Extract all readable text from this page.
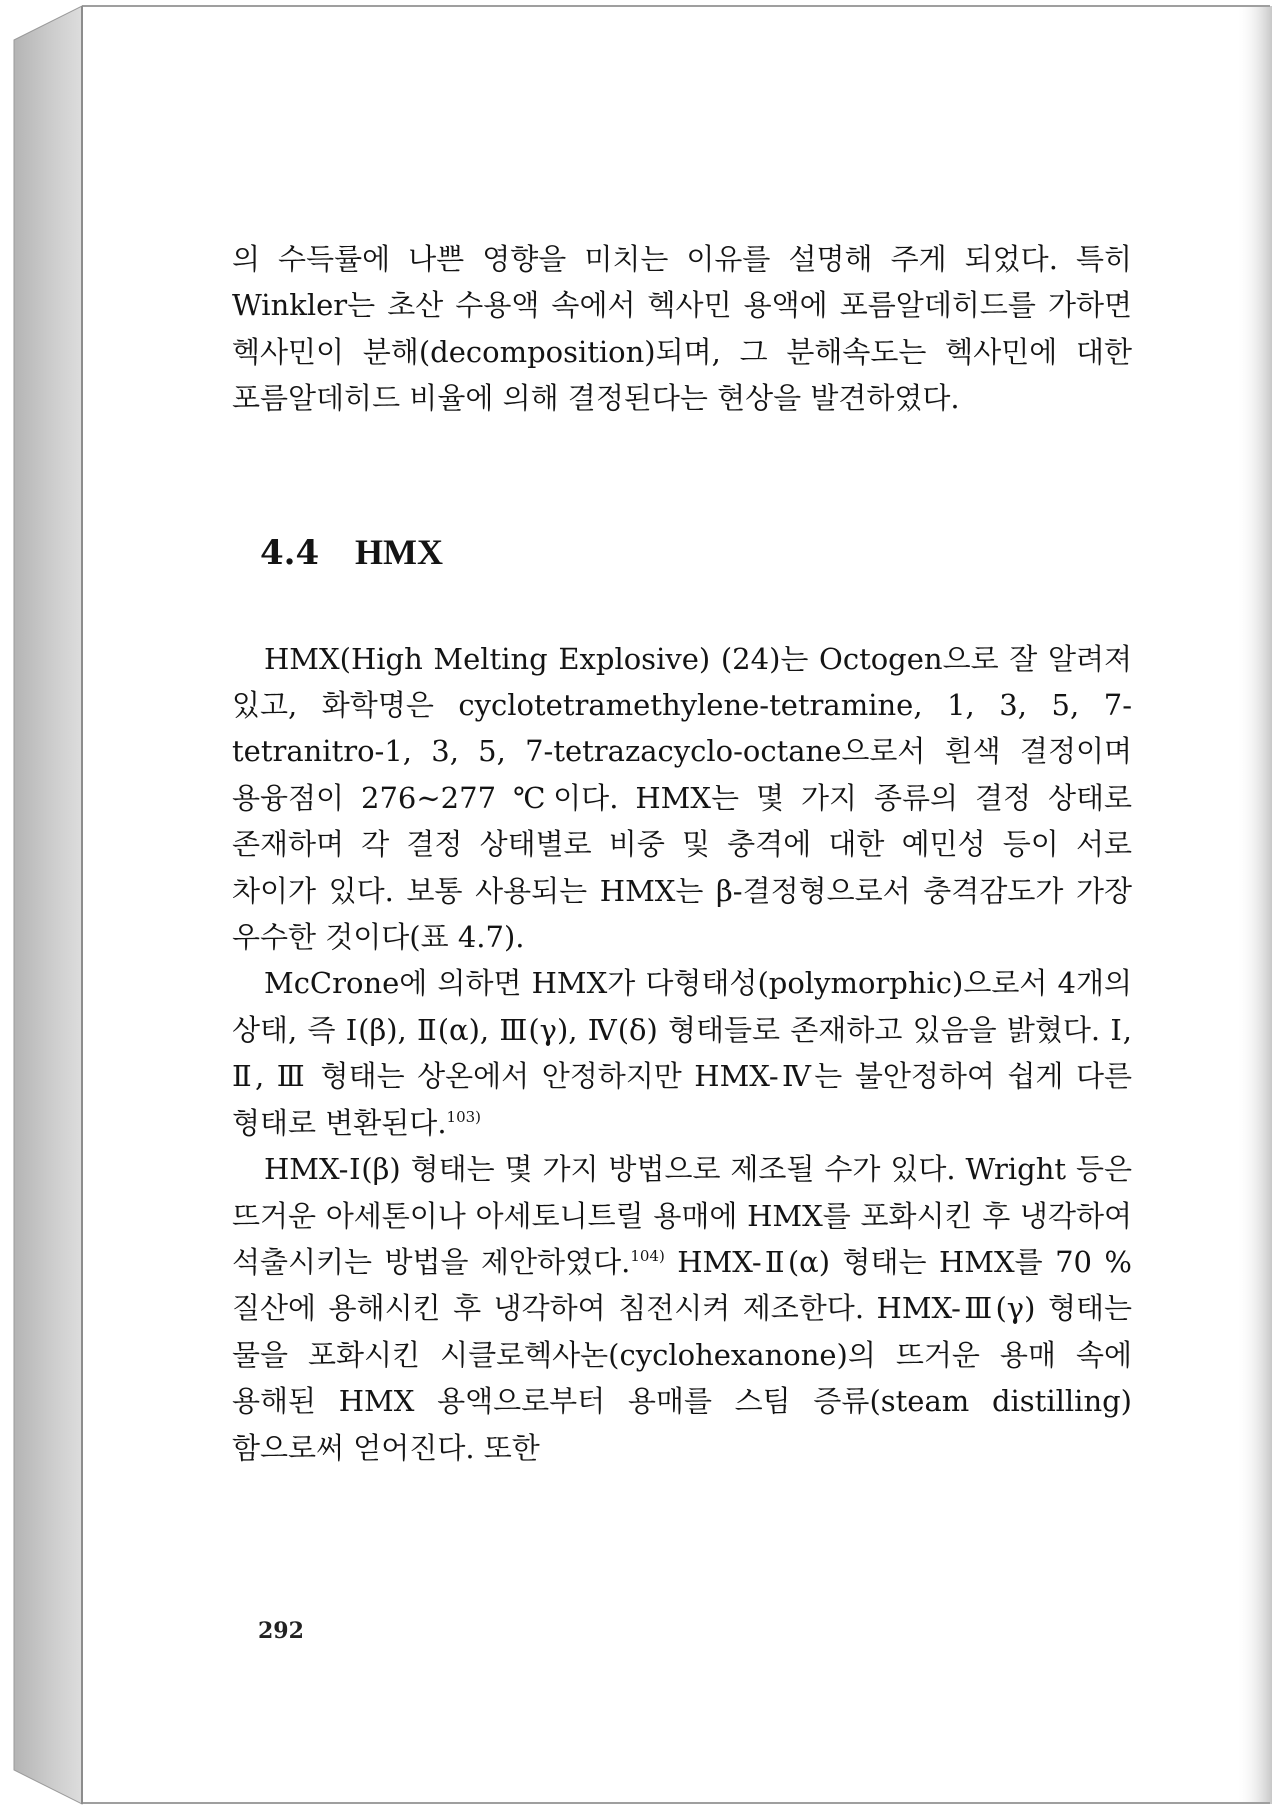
의 수득률에 나쁜 영향을 미치는 이유를 설명해 주게 되었다. 특히 Winkler는 초산 수용액 속에서 헥사민 용액에 포름알데히드를 가하면 헥사민이 분해(decomposition)되며, 그 분해속도는 헥사민에 대한 포름알데히드 비율에 의해 결정된다는 현상을 발견하였다.

4.4 HMX

HMX(High Melting Explosive) (24)는 Octogen으로 잘 알려져 있고, 화학명은 cyclotetramethylene-tetramine, 1, 3, 5, 7-tetranitro-1, 3, 5, 7-tetrazacyclo-octane으로서 흰색 결정이며 용융점이 276∼277 ℃이다. HMX는 몇 가지 종류의 결정 상태로 존재하며 각 결정 상태별로 비중 및 충격에 대한 예민성 등이 서로 차이가 있다. 보통 사용되는 HMX는 β-결정형으로서 충격감도가 가장 우수한 것이다(표 4.7).

McCrone에 의하면 HMX가 다형태성(polymorphic)으로서 4개의 상태, 즉 Ⅰ(β), Ⅱ(α), Ⅲ(γ), Ⅳ(δ) 형태들로 존재하고 있음을 밝혔다. Ⅰ, Ⅱ, Ⅲ 형태는 상온에서 안정하지만 HMX-Ⅳ는 불안정하여 쉽게 다른 형태로 변환된다.$^{103)}$

HMX-Ⅰ(β) 형태는 몇 가지 방법으로 제조될 수가 있다. Wright 등은 뜨거운 아세톤이나 아세토니트릴 용매에 HMX를 포화시킨 후 냉각하여 석출시키는 방법을 제안하였다.$^{104)}$ HMX-Ⅱ(α) 형태는 HMX를 70 % 질산에 용해시킨 후 냉각하여 침전시켜 제조한다. HMX-Ⅲ(γ) 형태는 물을 포화시킨 시클로헥사논(cyclohexanone)의 뜨거운 용매 속에 용해된 HMX 용액으로부터 용매를 스팀 증류(steam distilling)함으로써 얻어진다. 또한

292
